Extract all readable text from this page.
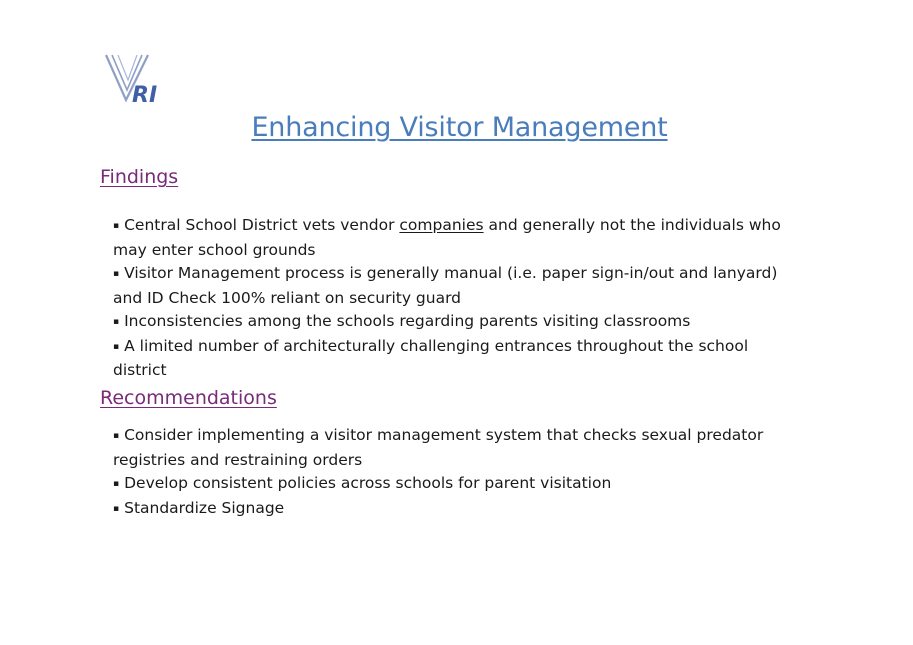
RI
Enhancing Visitor Management
Findings
▪ Central School District vets vendor companies and generally not the individuals who may enter school grounds
▪ Visitor Management process is generally manual (i.e. paper sign-in/out and lanyard) and ID Check 100% reliant on security guard
▪ Inconsistencies among the schools regarding parents visiting classrooms
▪ A limited number of architecturally challenging entrances throughout the school district
Recommendations
▪ Consider implementing a visitor management system that checks sexual predator registries and restraining orders
▪ Develop consistent policies across schools for parent visitation
▪ Standardize Signage
